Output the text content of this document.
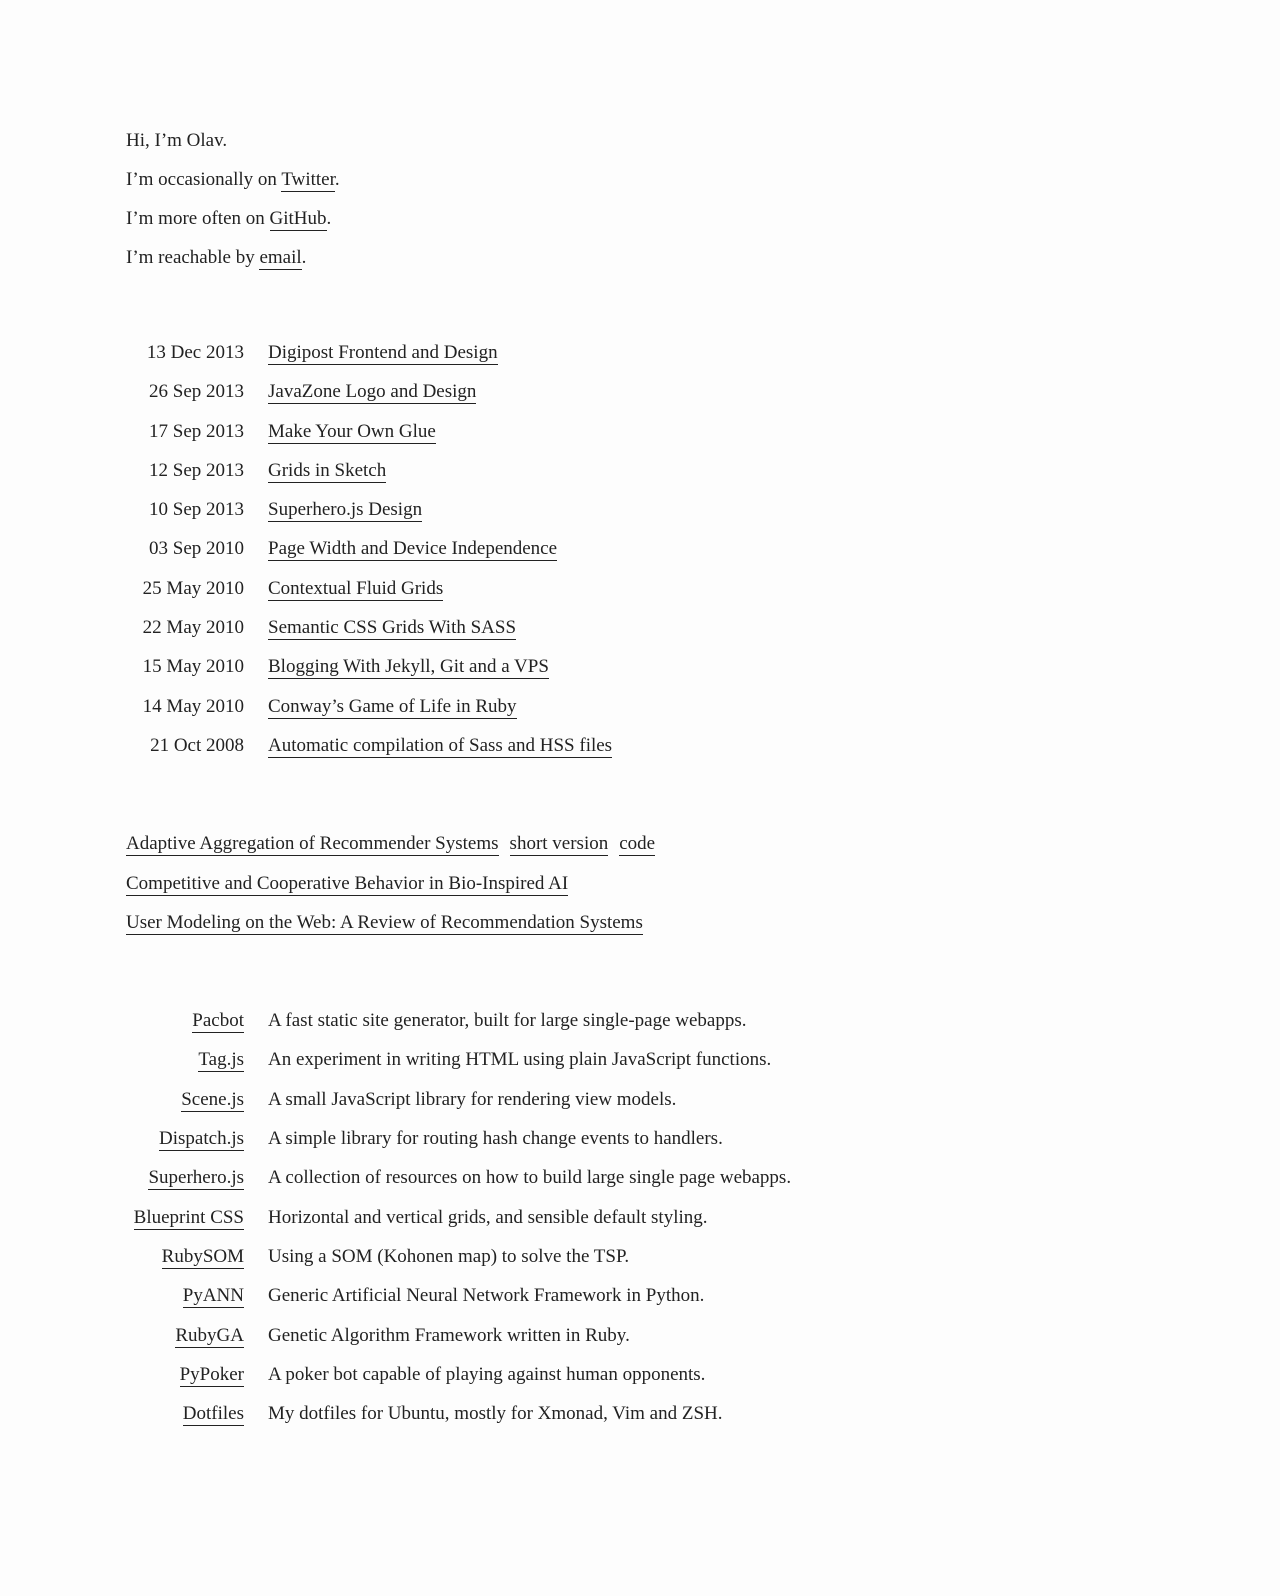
Hi, I’m Olav.

I’m occasionally on Twitter.

I’m more often on GitHub.

I’m reachable by email.

13 Dec 2013 Digipost Frontend and Design
26 Sep 2013 JavaZone Logo and Design
17 Sep 2013 Make Your Own Glue
12 Sep 2013 Grids in Sketch
10 Sep 2013 Superhero.js Design
03 Sep 2010 Page Width and Device Independence
25 May 2010 Contextual Fluid Grids
22 May 2010 Semantic CSS Grids With SASS
15 May 2010 Blogging With Jekyll, Git and a VPS
14 May 2010 Conway’s Game of Life in Ruby
21 Oct 2008 Automatic compilation of Sass and HSS files
Adaptive Aggregation of Recommender Systems short version code
Competitive and Cooperative Behavior in Bio-Inspired AI
User Modeling on the Web: A Review of Recommendation Systems
Pacbot A fast static site generator, built for large single-page webapps.
Tag.js An experiment in writing HTML using plain JavaScript functions.
Scene.js A small JavaScript library for rendering view models.
Dispatch.js A simple library for routing hash change events to handlers.
Superhero.js A collection of resources on how to build large single page webapps.
Blueprint CSS Horizontal and vertical grids, and sensible default styling.
RubySOM Using a SOM (Kohonen map) to solve the TSP.
PyANN Generic Artificial Neural Network Framework in Python.
RubyGA Genetic Algorithm Framework written in Ruby.
PyPoker A poker bot capable of playing against human opponents.
Dotfiles My dotfiles for Ubuntu, mostly for Xmonad, Vim and ZSH.
